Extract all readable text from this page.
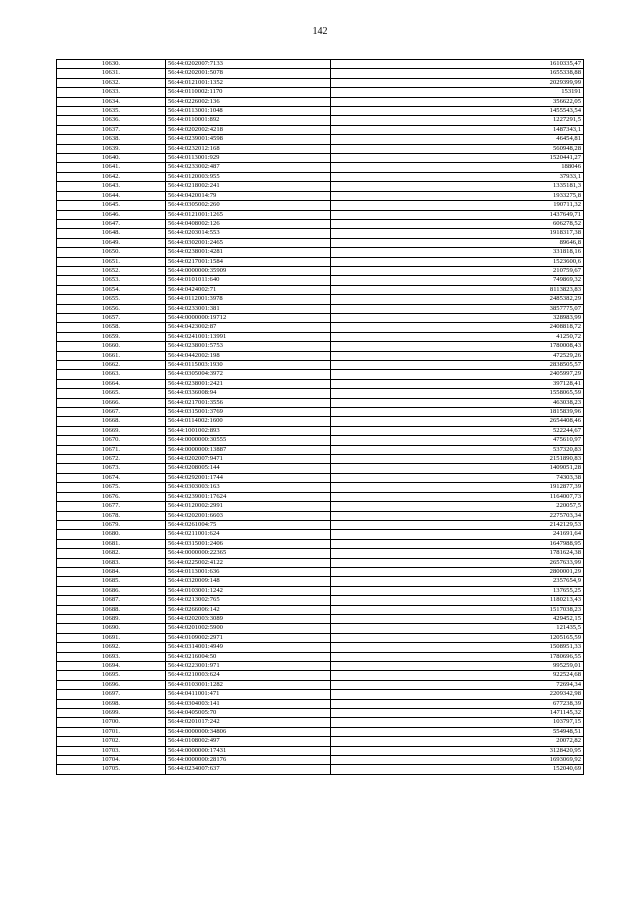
142
10630.	56:44:0202007:7133	1610335,47
10631.	56:44:0202001:5078	1655338,88
10632.	56:44:0121001:1352	2029399,99
10633.	56:44:0110002:1170	153191
10634.	56:44:0226002:136	356622,05
10635.	56:44:0113001:1048	1455543,54
10636.	56:44:0110001:892	1227291,5
10637.	56:44:0202002:4218	1487343,1
10638.	56:44:0239001:4598	46454,81
10639.	56:44:0232012:168	560948,28
10640.	56:44:0113001:929	1520441,27
10641.	56:44:0233002:487	188046
10642.	56:44:0120003:955	37933,1
10643.	56:44:0218002:241	1335181,3
10644.	56:44:0420014:79	1933275,8
10645.	56:44:0305002:260	190711,32
10646.	56:44:0121001:1265	1437649,71
10647.	56:44:0408002:126	606278,52
10648.	56:44:0203014:553	1918317,38
10649.	56:44:0302001:2465	89646,8
10650.	56:44:0238001:4281	331818,16
10651.	56:44:0217001:1584	1523600,6
10652.	56:44:0000000:35909	210759,67
10653.	56:44:0101011:640	749869,32
10654.	56:44:0424002:71	8113823,83
10655.	56:44:0112001:3978	2485382,29
10656.	56:44:0233001:381	3857775,07
10657.	56:44:0000000:19712	328983,99
10658.	56:44:0423002:87	2408818,72
10659.	56:44:0241001:13991	41250,72
10660.	56:44:0238001:5753	1780008,43
10661.	56:44:0442002:198	472529,26
10662.	56:44:0115003:1930	2838505,57
10663.	56:44:0305004:3972	2405997,29
10664.	56:44:0238001:2421	397128,41
10665.	56:44:0336008:94	1558065,59
10666.	56:44:0217001:3556	463038,23
10667.	56:44:0315001:3769	1815839,96
10668.	56:44:0114002:1600	2654408,46
10669.	56:44:1001002:893	522244,67
10670.	56:44:0000000:30555	475610,97
10671.	56:44:0000000:13887	537320,83
10672.	56:44:0202007:9471	2151890,83
10673.	56:44:0208005:144	1409051,28
10674.	56:44:0292001:1744	74303,38
10675.	56:44:0303003:163	1912877,39
10676.	56:44:0239001:17624	1164007,73
10677.	56:44:0120002:2991	220057,5
10678.	56:44:0202001:6603	2275703,34
10679.	56:44:0261004:75	2142129,53
10680.	56:44:0211001:624	241691,64
10681.	56:44:0315001:2406	1647988,95
10682.	56:44:0000000:22365	1781624,38
10683.	56:44:0225002:4122	2657633,99
10684.	56:44:0113001:636	2800001,29
10685.	56:44:0320009:148	2357654,9
10686.	56:44:0103001:1242	137655,25
10687.	56:44:0213002:765	1180213,43
10688.	56:44:0266006:142	1517038,23
10689.	56:44:0202003:3089	429452,15
10690.	56:44:0201002:5900	121435,5
10691.	56:44:0109002:2971	1205165,59
10692.	56:44:0314001:4949	1508951,33
10693.	56:44:0216004:50	1780696,55
10694.	56:44:0223001:971	995259,01
10695.	56:44:0210003:624	922524,68
10696.	56:44:0103001:1282	72694,34
10697.	56:44:0411001:471	2209342,98
10698.	56:44:0304003:141	677238,39
10699.	56:44:0405005:70	1471145,32
10700.	56:44:0201017:242	103797,15
10701.	56:44:0000000:34806	554948,51
10702.	56:44:0108002:497	20072,82
10703.	56:44:0000000:17431	3128420,95
10704.	56:44:0000000:28176	1693069,92
10705.	56:44:0234007:637	152040,69
